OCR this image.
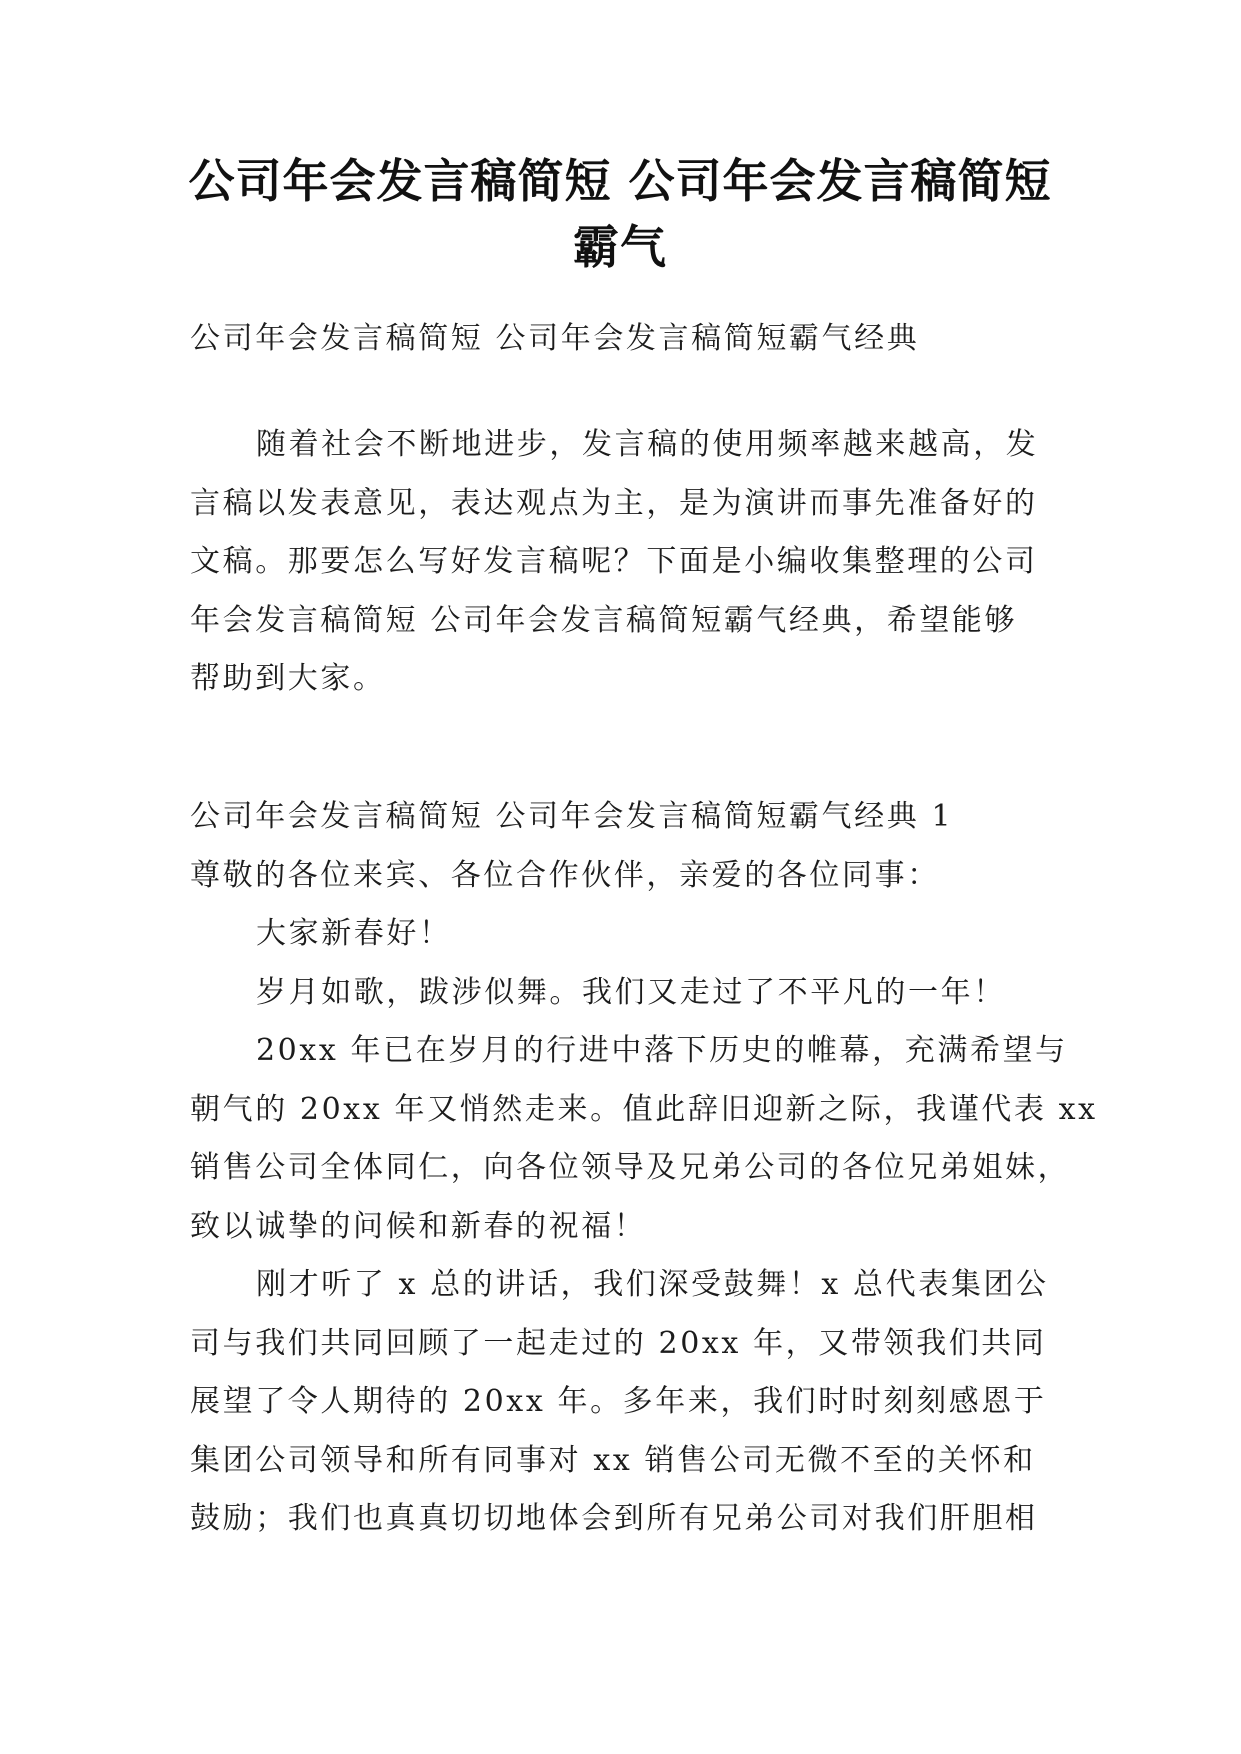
公司年会发言稿简短 公司年会发言稿简短
霸气

公司年会发言稿简短 公司年会发言稿简短霸气经典

随着社会不断地进步，发言稿的使用频率越来越高，发
言稿以发表意见，表达观点为主，是为演讲而事先准备好的
文稿。那要怎么写好发言稿呢？下面是小编收集整理的公司
年会发言稿简短 公司年会发言稿简短霸气经典，希望能够
帮助到大家。

公司年会发言稿简短 公司年会发言稿简短霸气经典 1
尊敬的各位来宾、各位合作伙伴，亲爱的各位同事：
大家新春好！
岁月如歌，跋涉似舞。我们又走过了不平凡的一年！
20xx 年已在岁月的行进中落下历史的帷幕，充满希望与
朝气的 20xx 年又悄然走来。值此辞旧迎新之际，我谨代表 xx
销售公司全体同仁，向各位领导及兄弟公司的各位兄弟姐妹，
致以诚挚的问候和新春的祝福！
刚才听了 x 总的讲话，我们深受鼓舞！x 总代表集团公
司与我们共同回顾了一起走过的 20xx 年，又带领我们共同
展望了令人期待的 20xx 年。多年来，我们时时刻刻感恩于
集团公司领导和所有同事对 xx 销售公司无微不至的关怀和
鼓励；我们也真真切切地体会到所有兄弟公司对我们肝胆相
